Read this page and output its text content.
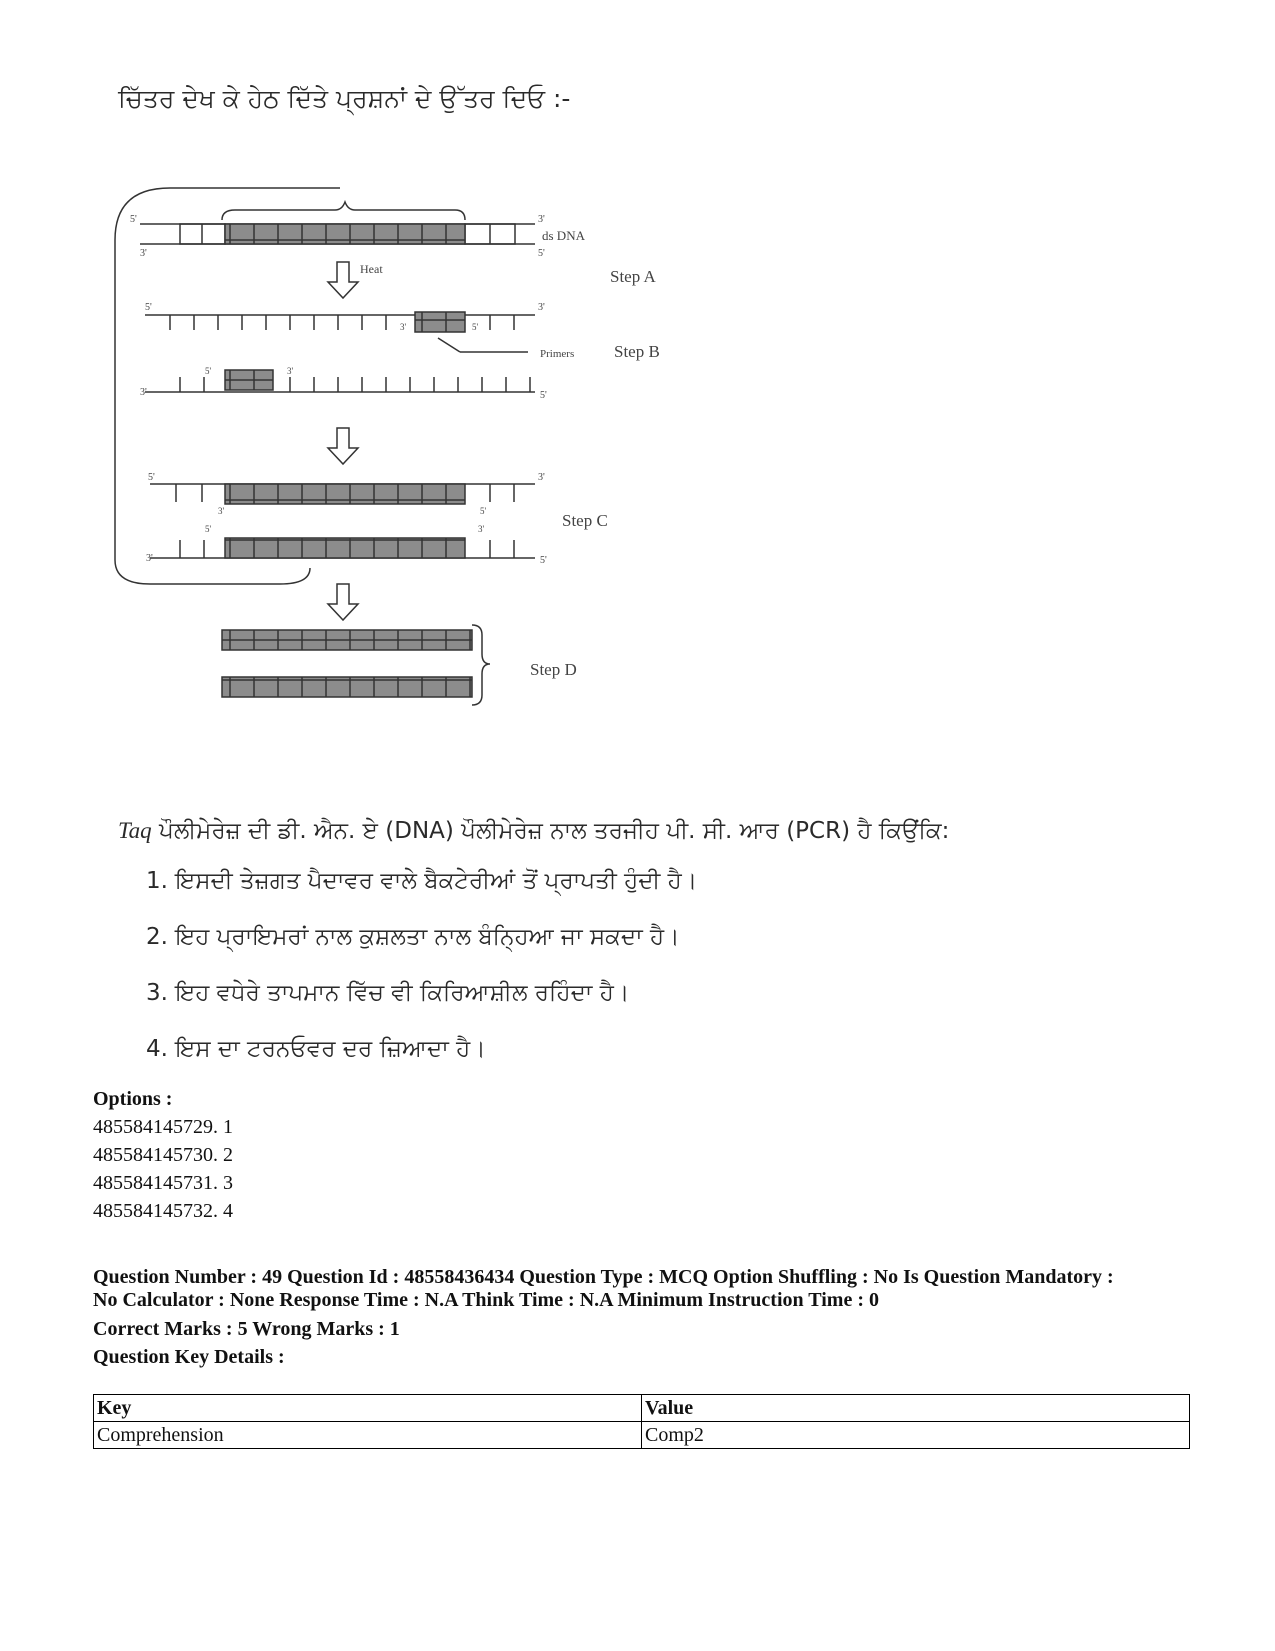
ਚਿੱਤਰ ਦੇਖ ਕੇ ਹੇਠ ਦਿੱਤੇ ਪ੍ਰਸ਼ਨਾਂ ਦੇ ਉੱਤਰ ਦਿਓ :-
5'
3'
3'
5'
ds DNA
Step A
Heat
5'	3'
3'	5'
5'	3'
3'	5'
Primers Step B
5'	3'
3'	5'
5'	3'
3'	5'
Step C
Step D
Taq ਪੌਲੀਮੇਰੇਜ਼ ਦੀ ਡੀ. ਐਨ. ਏ (DNA) ਪੌਲੀਮੇਰੇਜ਼ ਨਾਲ ਤਰਜੀਹ ਪੀ. ਸੀ. ਆਰ (PCR) ਹੈ ਕਿਉਂਕਿ:
1. ਇਸਦੀ ਤੇਜ਼ਗਤ ਪੈਦਾਵਰ ਵਾਲੇ ਬੈਕਟੇਰੀਆਂ ਤੋਂ ਪ੍ਰਾਪਤੀ ਹੁੰਦੀ ਹੈ।
2. ਇਹ ਪ੍ਰਾਇਮਰਾਂ ਨਾਲ ਕੁਸ਼ਲਤਾ ਨਾਲ ਬੰਨ੍ਹਿਆ ਜਾ ਸਕਦਾ ਹੈ।
3. ਇਹ ਵਧੇਰੇ ਤਾਪਮਾਨ ਵਿੱਚ ਵੀ ਕਿਰਿਆਸ਼ੀਲ ਰਹਿੰਦਾ ਹੈ।
4. ਇਸ ਦਾ ਟਰਨਓਵਰ ਦਰ ਜ਼ਿਆਦਾ ਹੈ।
Options :
485584145729. 1
485584145730. 2
485584145731. 3
485584145732. 4
Question Number : 49 Question Id : 48558436434 Question Type : MCQ Option Shuffling : No Is Question Mandatory :
No Calculator : None Response Time : N.A Think Time : N.A Minimum Instruction Time : 0
Correct Marks : 5 Wrong Marks : 1
Question Key Details :
Key	Value
Comprehension	Comp2
